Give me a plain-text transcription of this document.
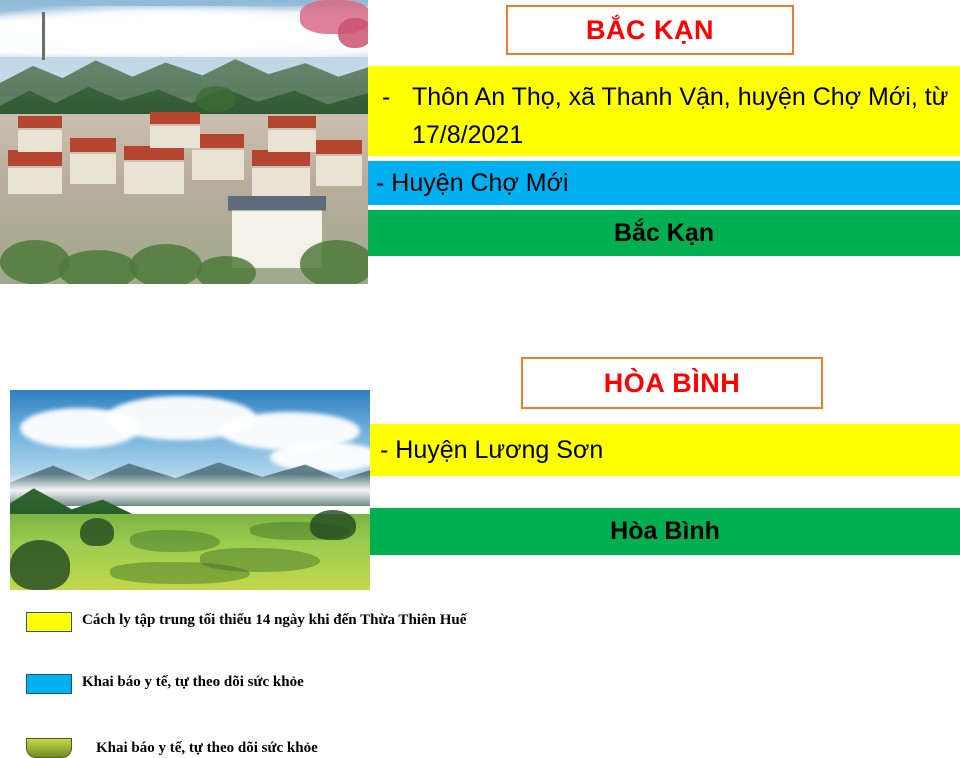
BẮC KẠN
- Thôn An Thọ, xã Thanh Vận, huyện Chợ Mới, từ 17/8/2021
- Huyện Chợ Mới
Bắc Kạn
HÒA BÌNH
- Huyện Lương Sơn
Hòa Bình
Cách ly tập trung tối thiểu 14 ngày khi đến Thừa Thiên Huế
Khai báo y tế, tự theo dõi sức khỏe
Khai báo y tế, tự theo dõi sức khỏe
